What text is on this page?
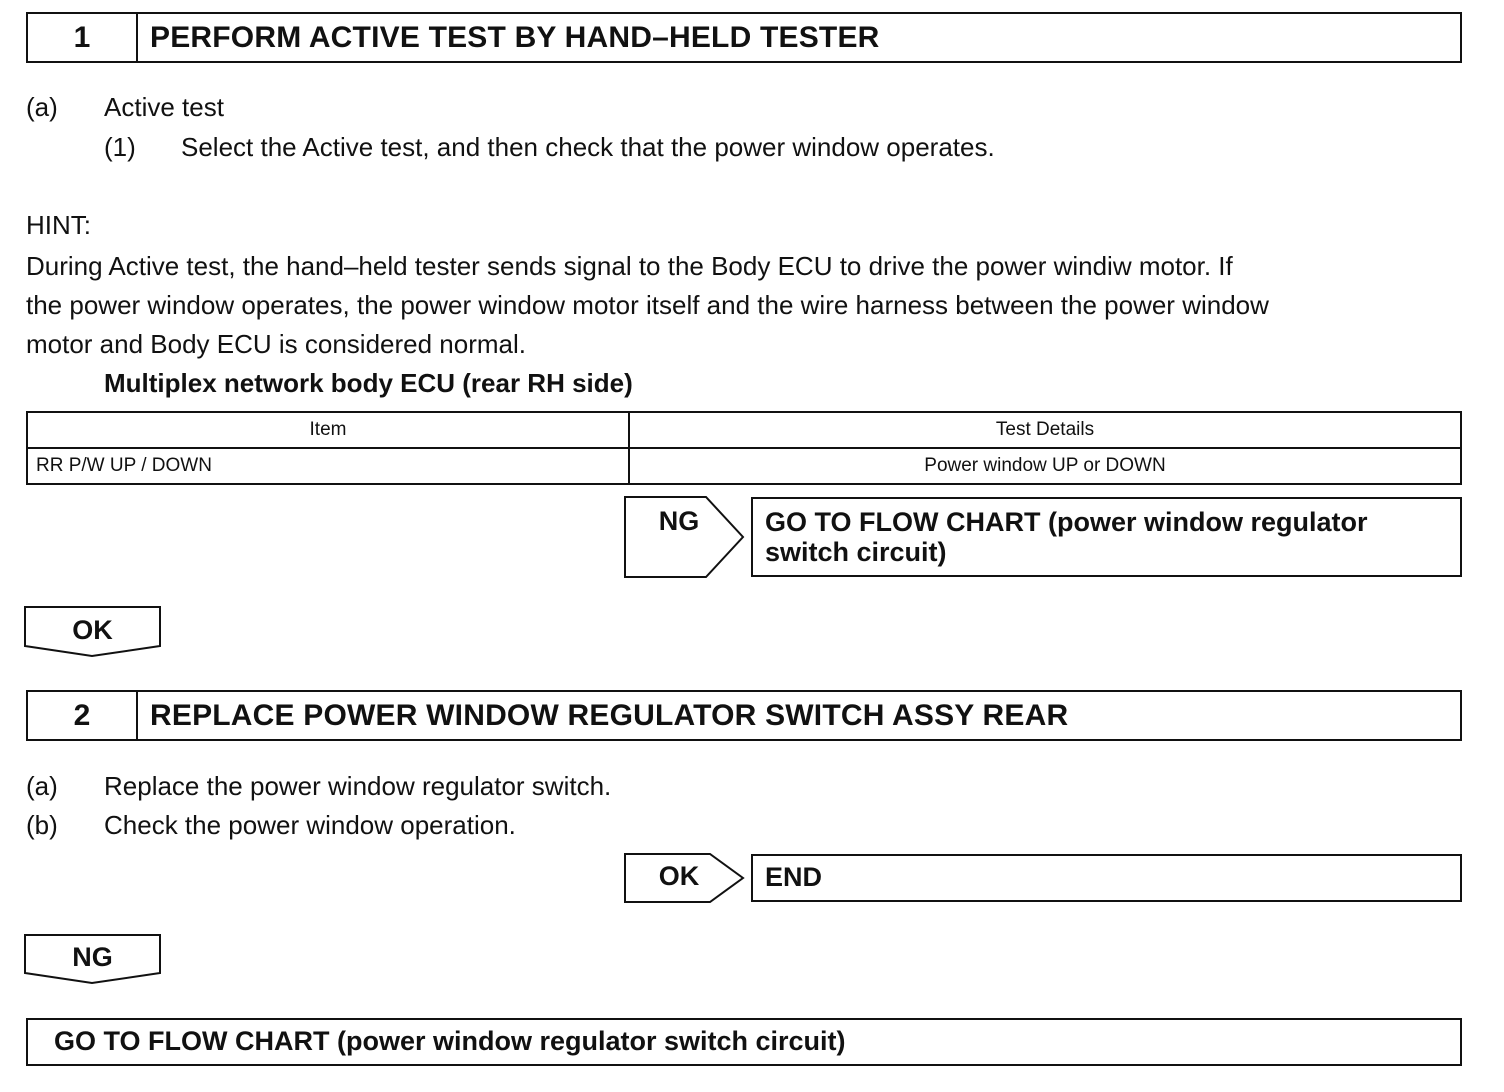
1	PERFORM ACTIVE TEST BY HAND–HELD TESTER
(a) Active test
(1) Select the Active test, and then check that the power window operates.
HINT:
During Active test, the hand–held tester sends signal to the Body ECU to drive the power windiw motor. If
the power window operates, the power window motor itself and the wire harness between the power window
motor and Body ECU is considered normal.
Multiplex network body ECU (rear RH side)
Item	Test Details
RR P/W UP / DOWN	Power window UP or DOWN
NG	GO TO FLOW CHART (power window regulator
switch circuit)
OK
2	REPLACE POWER WINDOW REGULATOR SWITCH ASSY REAR
(a) Replace the power window regulator switch.
(b) Check the power window operation.
OK	END
NG
GO TO FLOW CHART (power window regulator switch circuit)
